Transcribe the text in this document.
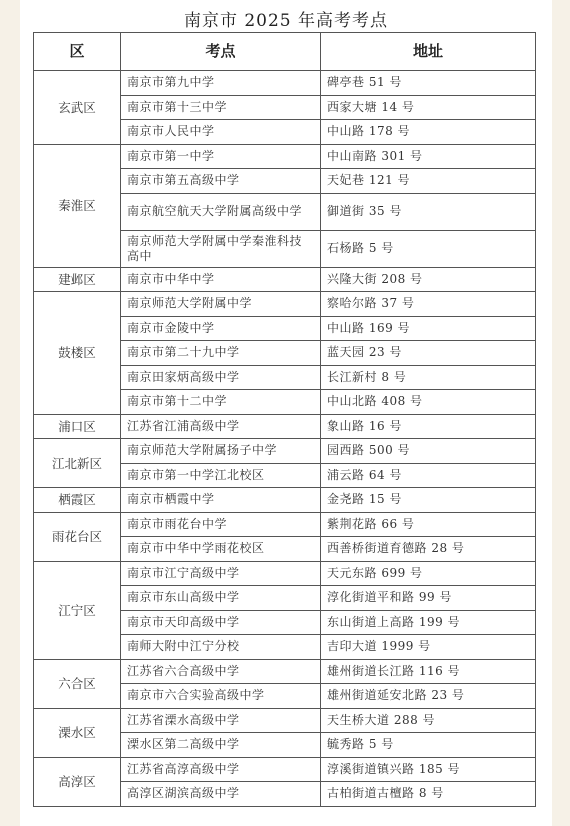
南京市 2025 年高考考点
区	考点	地址
玄武区	南京市第九中学	碑亭巷 51 号
	南京市第十三中学	西家大塘 14 号
	南京市人民中学	中山路 178 号
秦淮区	南京市第一中学	中山南路 301 号
	南京市第五高级中学	天妃巷 121 号
	南京航空航天大学附属高级中学	御道街 35 号
	南京师范大学附属中学秦淮科技高中	石杨路 5 号
建邺区	南京市中华中学	兴隆大街 208 号
鼓楼区	南京师范大学附属中学	察哈尔路 37 号
	南京市金陵中学	中山路 169 号
	南京市第二十九中学	蓝天园 23 号
	南京田家炳高级中学	长江新村 8 号
	南京市第十二中学	中山北路 408 号
浦口区	江苏省江浦高级中学	象山路 16 号
江北新区	南京师范大学附属扬子中学	园西路 500 号
	南京市第一中学江北校区	浦云路 64 号
栖霞区	南京市栖霞中学	金尧路 15 号
雨花台区	南京市雨花台中学	紫荆花路 66 号
	南京市中华中学雨花校区	西善桥街道育德路 28 号
江宁区	南京市江宁高级中学	天元东路 699 号
	南京市东山高级中学	淳化街道平和路 99 号
	南京市天印高级中学	东山街道上高路 199 号
	南师大附中江宁分校	吉印大道 1999 号
六合区	江苏省六合高级中学	雄州街道长江路 116 号
	南京市六合实验高级中学	雄州街道延安北路 23 号
溧水区	江苏省溧水高级中学	天生桥大道 288 号
	溧水区第二高级中学	毓秀路 5 号
高淳区	江苏省高淳高级中学	淳溪街道镇兴路 185 号
	高淳区湖滨高级中学	古柏街道古檀路 8 号
